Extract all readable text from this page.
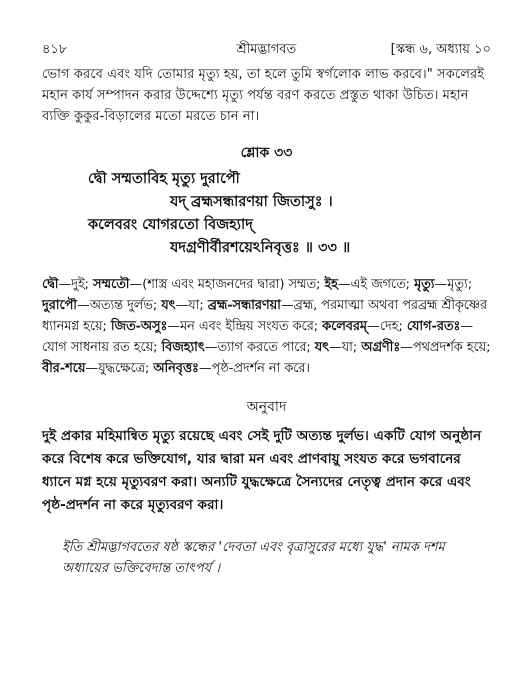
৪১৮	শ্রীমদ্ভাগবত	[স্কন্ধ ৬, অধ্যায় ১০

ভোগ করবে এবং যদি তোমার মৃত্যু হয়, তা হলে তুমি স্বর্গলোক লাভ করবে।" সকলেরই মহান কার্য সম্পাদন করার উদ্দেশ্যে মৃত্যু পর্যন্ত বরণ করতে প্রস্তুত থাকা উচিত। মহান ব্যক্তি কুকুর-বিড়ালের মতো মরতে চান না।

শ্লোক ৩৩
দ্বৌ সম্মতাবিহ মৃত্যু দুরাপৌ
যদ্ ব্রহ্মসন্ধারণয়া জিতাসুঃ ।
কলেবরং যোগরতো বিজহ্যাদ্
যদগ্রণীর্বীরশয়েঽনিবৃত্তঃ ॥ ৩৩ ॥
দ্বৌ—দুই; সম্মতৌ—(শাস্ত্র এবং মহাজনদের দ্বারা) সম্মত; ইহ—এই জগতে; মৃত্যু—মৃত্যু; দুরাপৌ—অত্যন্ত দুর্লভ; যৎ—যা; ব্রহ্ম-সন্ধারণয়া—ব্রহ্ম, পরমাত্মা অথবা পরব্রহ্ম শ্রীকৃষ্ণের ধ্যানমগ্ন হয়ে; জিত-অসুঃ—মন এবং ইন্দ্রিয় সংযত করে; কলেবরম্—দেহ; যোগ-রতঃ—যোগ সাধনায় রত হয়ে; বিজহ্যাৎ—ত্যাগ করতে পারে; যৎ—যা; অগ্রণীঃ—পথপ্রদর্শক হয়ে; বীর-শয়ে—যুদ্ধক্ষেত্রে; অনিবৃত্তঃ—পৃষ্ঠ-প্রদর্শন না করে।
অনুবাদ

দুই প্রকার মহিমান্বিত মৃত্যু রয়েছে এবং সেই দুটি অত্যন্ত দুর্লভ। একটি যোগ অনুষ্ঠান করে বিশেষ করে ভক্তিযোগ, যার দ্বারা মন এবং প্রাণবায়ু সংযত করে ভগবানের ধ্যানে মগ্ন হয়ে মৃত্যুবরণ করা। অন্যটি যুদ্ধক্ষেত্রে সৈন্যদের নেতৃত্ব প্রদান করে এবং পৃষ্ঠ-প্রদর্শন না করে মৃত্যুবরণ করা।

ইতি শ্রীমদ্ভাগবতের ষষ্ঠ স্কন্ধের 'দেবতা এবং বৃত্রাসুরের মধ্যে যুদ্ধ' নামক দশম অধ্যায়ের ভক্তিবেদান্ত তাৎপর্য ।
